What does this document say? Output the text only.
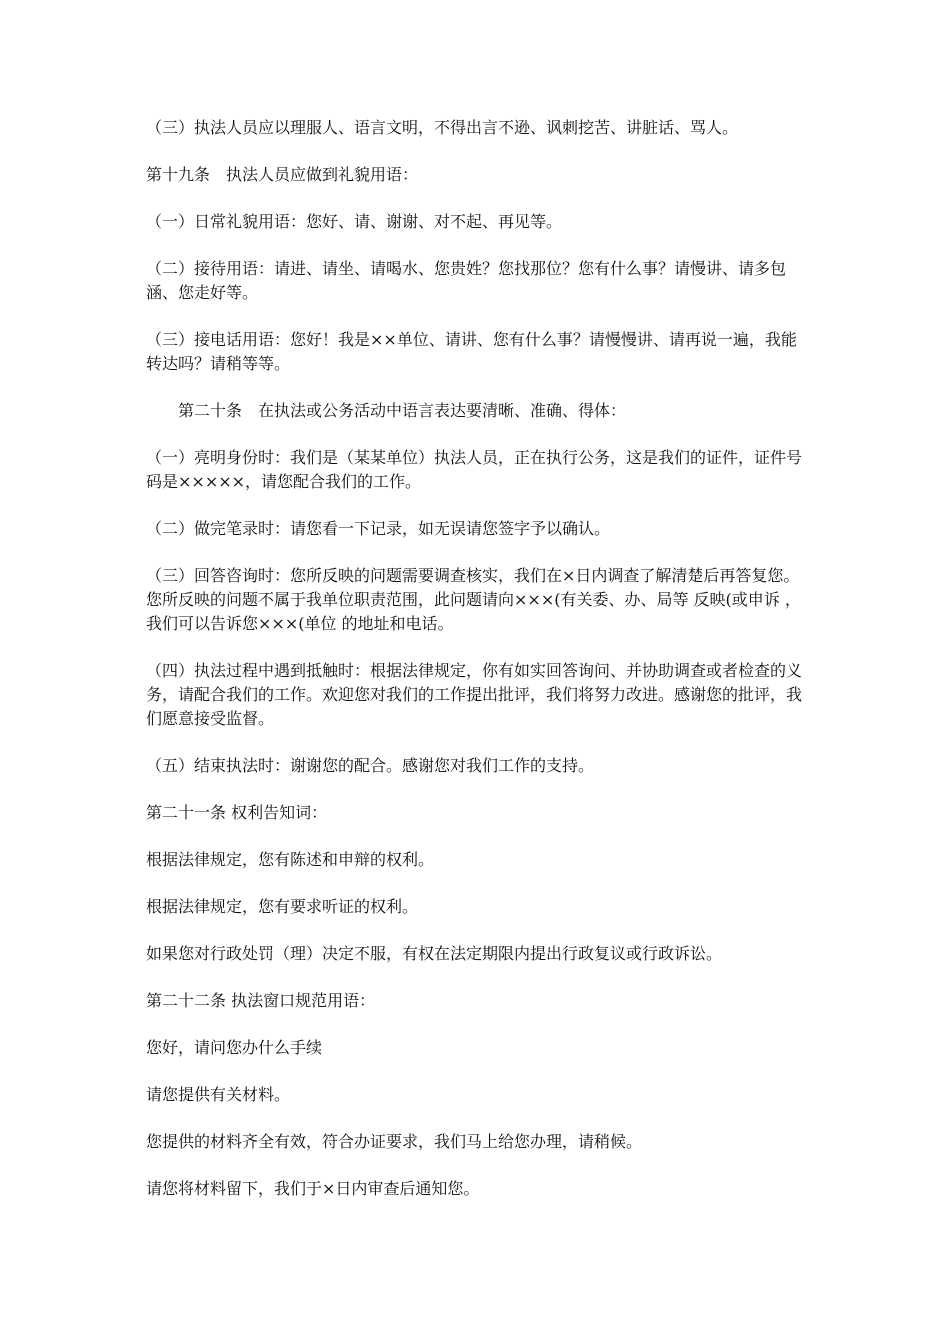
（三）执法人员应以理服人、语言文明，不得出言不逊、讽刺挖苦、讲脏话、骂人。

第十九条　执法人员应做到礼貌用语：

（一）日常礼貌用语：您好、请、谢谢、对不起、再见等。

（二）接待用语：请进、请坐、请喝水、您贵姓？您找那位？您有什么事？请慢讲、请多包涵、您走好等。

（三）接电话用语：您好！我是××单位、请讲、您有什么事？请慢慢讲、请再说一遍，我能转达吗？请稍等等。

第二十条　在执法或公务活动中语言表达要清晰、准确、得体：

（一）亮明身份时：我们是（某某单位）执法人员，正在执行公务，这是我们的证件，证件号码是×××××，请您配合我们的工作。

（二）做完笔录时：请您看一下记录，如无误请您签字予以确认。

（三）回答咨询时：您所反映的问题需要调查核实，我们在×日内调查了解清楚后再答复您。您所反映的问题不属于我单位职责范围，此问题请向×××(有关委、办、局等 反映(或申诉 ，我们可以告诉您×××(单位 的地址和电话。

（四）执法过程中遇到抵触时：根据法律规定，你有如实回答询问、并协助调查或者检查的义务，请配合我们的工作。欢迎您对我们的工作提出批评，我们将努力改进。感谢您的批评，我们愿意接受监督。

（五）结束执法时：谢谢您的配合。感谢您对我们工作的支持。

第二十一条 权利告知词：

根据法律规定，您有陈述和申辩的权利。

根据法律规定，您有要求听证的权利。

如果您对行政处罚（理）决定不服，有权在法定期限内提出行政复议或行政诉讼。

第二十二条 执法窗口规范用语：

您好，请问您办什么手续

请您提供有关材料。

您提供的材料齐全有效，符合办证要求，我们马上给您办理，请稍候。

请您将材料留下，我们于×日内审查后通知您。
